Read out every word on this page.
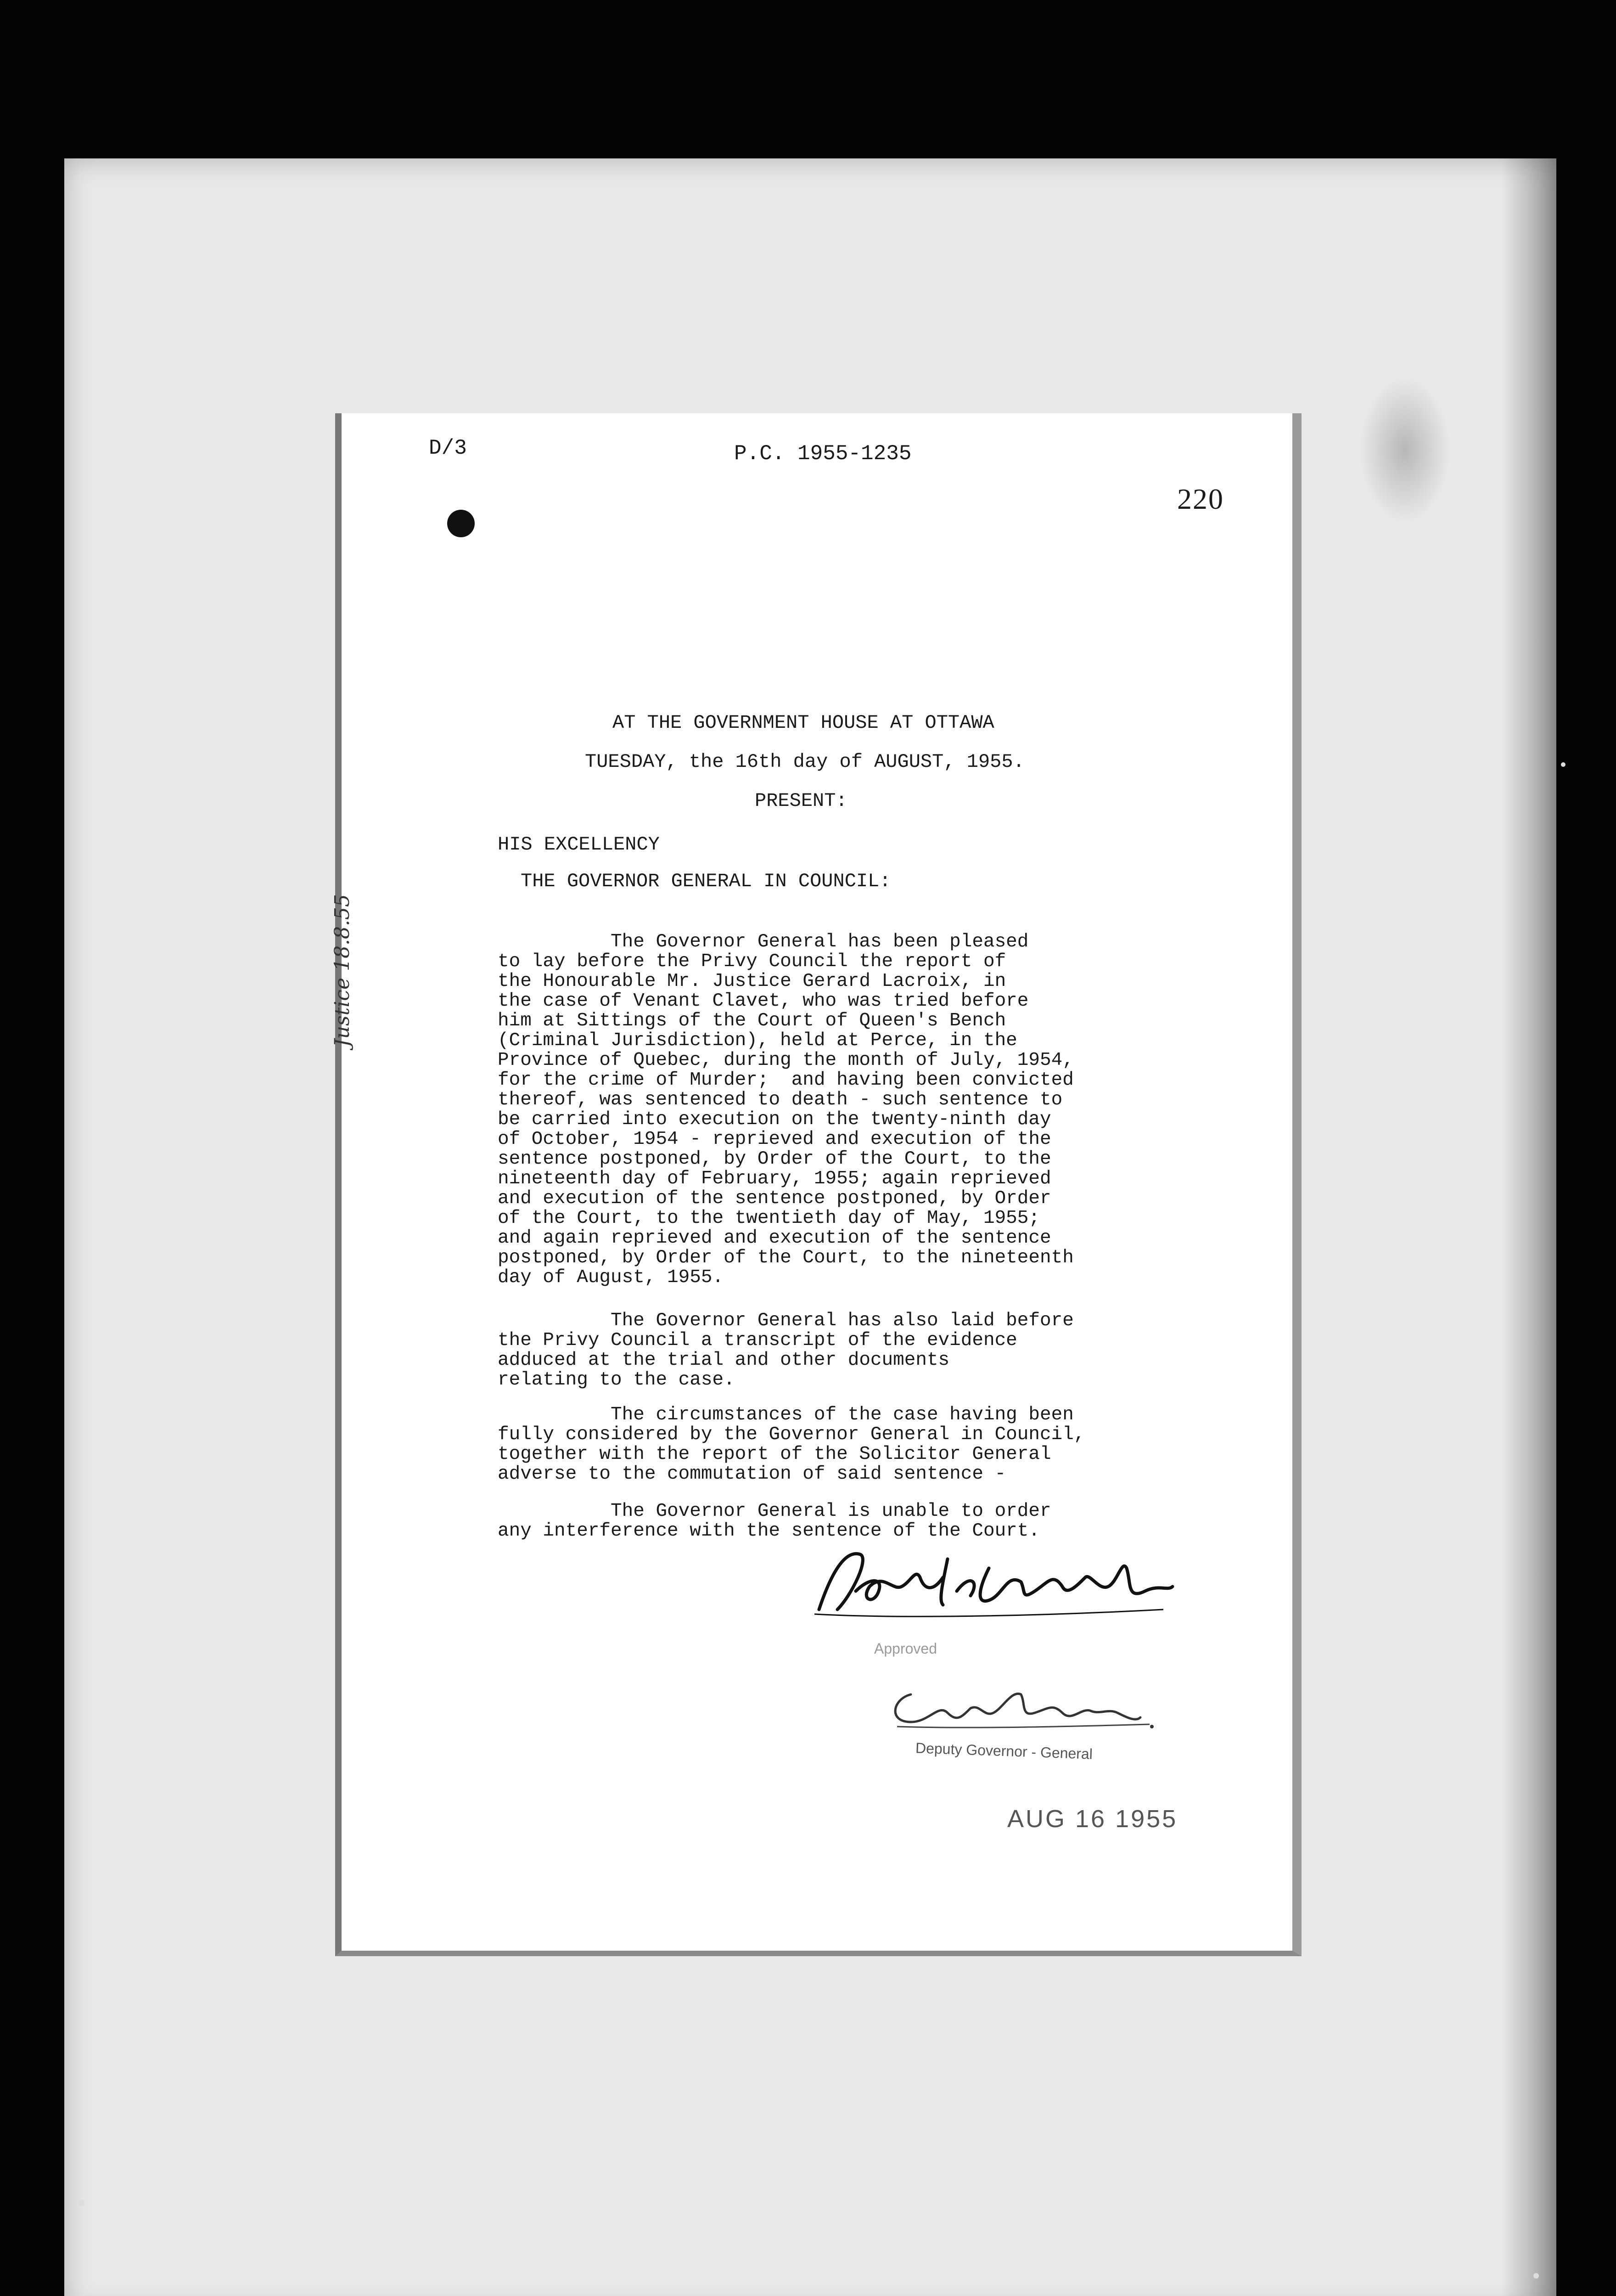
D/3	P.C. 1955-1235
220
AT THE GOVERNMENT HOUSE AT OTTAWA
TUESDAY, the 16th day of AUGUST, 1955.
PRESENT:
HIS EXCELLENCY
THE GOVERNOR GENERAL IN COUNCIL:
The Governor General has been pleased
to lay before the Privy Council the report of
the Honourable Mr. Justice Gerard Lacroix, in
the case of Venant Clavet, who was tried before
him at Sittings of the Court of Queen's Bench
(Criminal Jurisdiction), held at Perce, in the
Province of Quebec, during the month of July, 1954,
for the crime of Murder;  and having been convicted
thereof, was sentenced to death - such sentence to
be carried into execution on the twenty-ninth day
of October, 1954 - reprieved and execution of the
sentence postponed, by Order of the Court, to the
nineteenth day of February, 1955; again reprieved
and execution of the sentence postponed, by Order
of the Court, to the twentieth day of May, 1955;
and again reprieved and execution of the sentence
postponed, by Order of the Court, to the nineteenth
day of August, 1955.
The Governor General has also laid before
the Privy Council a transcript of the evidence
adduced at the trial and other documents
relating to the case.
The circumstances of the case having been
fully considered by the Governor General in Council,
together with the report of the Solicitor General
adverse to the commutation of said sentence -
The Governor General is unable to order
any interference with the sentence of the Court.
Approved
Deputy Governor - General
AUG 16 1955
Justice 18.8.55
